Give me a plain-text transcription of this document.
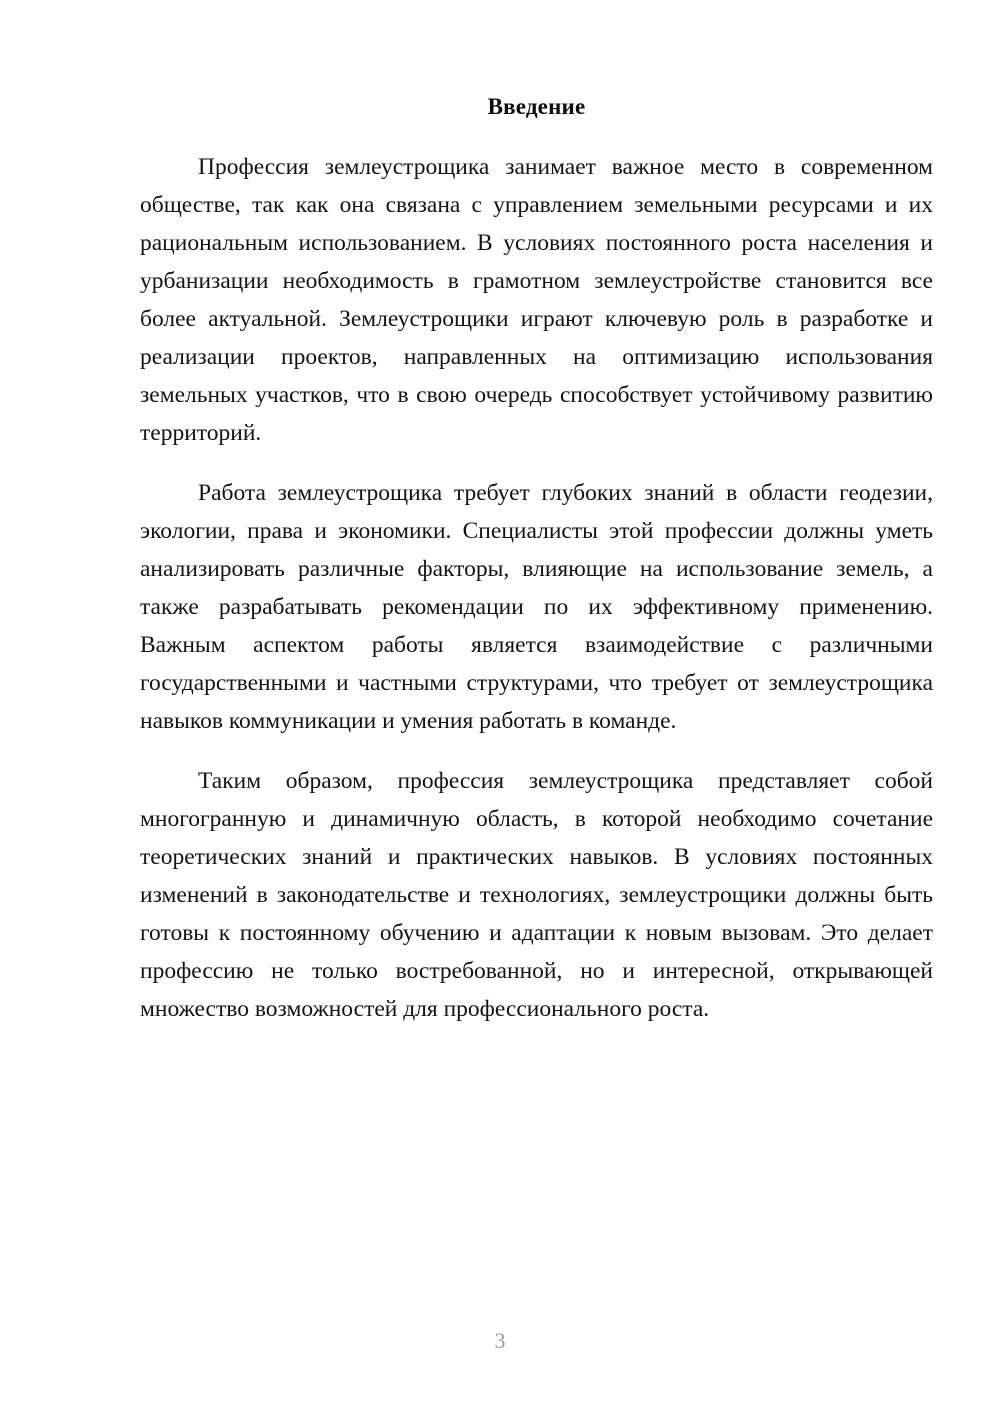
Введение

Профессия землеустрощика занимает важное место в современном обществе, так как она связана с управлением земельными ресурсами и их рациональным использованием. В условиях постоянного роста населения и урбанизации необходимость в грамотном землеустройстве становится все более актуальной. Землеустрощики играют ключевую роль в разработке и реализации проектов, направленных на оптимизацию использования земельных участков, что в свою очередь способствует устойчивому развитию территорий.

Работа землеустрощика требует глубоких знаний в области геодезии, экологии, права и экономики. Специалисты этой профессии должны уметь анализировать различные факторы, влияющие на использование земель, а также разрабатывать рекомендации по их эффективному применению. Важным аспектом работы является взаимодействие с различными государственными и частными структурами, что требует от землеустрощика навыков коммуникации и умения работать в команде.

Таким образом, профессия землеустрощика представляет собой многогранную и динамичную область, в которой необходимо сочетание теоретических знаний и практических навыков. В условиях постоянных изменений в законодательстве и технологиях, землеустрощики должны быть готовы к постоянному обучению и адаптации к новым вызовам. Это делает профессию не только востребованной, но и интересной, открывающей множество возможностей для профессионального роста.

3
